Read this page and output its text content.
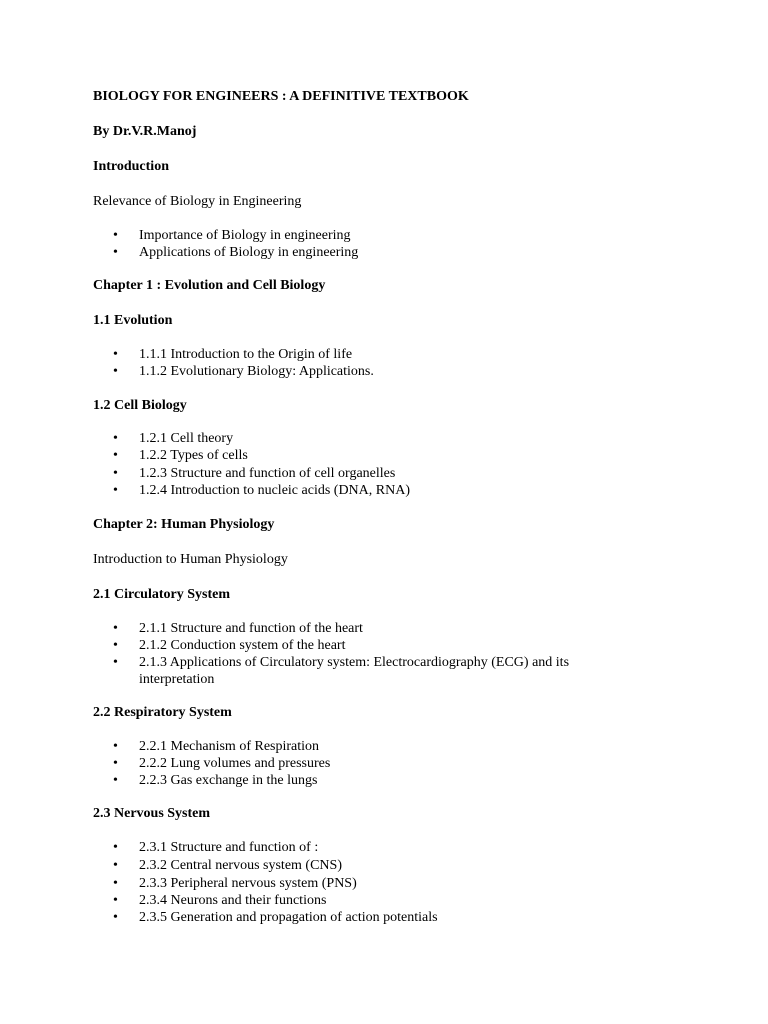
BIOLOGY FOR ENGINEERS : A DEFINITIVE TEXTBOOK
By Dr.V.R.Manoj
Introduction
Relevance of Biology in Engineering
• Importance of Biology in engineering
• Applications of Biology in engineering
Chapter 1 : Evolution and Cell Biology
1.1 Evolution
• 1.1.1 Introduction to the Origin of life
• 1.1.2 Evolutionary Biology: Applications.
1.2 Cell Biology
• 1.2.1 Cell theory
• 1.2.2 Types of cells
• 1.2.3 Structure and function of cell organelles
• 1.2.4 Introduction to nucleic acids (DNA, RNA)
Chapter 2: Human Physiology
Introduction to Human Physiology
2.1 Circulatory System
• 2.1.1 Structure and function of the heart
• 2.1.2 Conduction system of the heart
• 2.1.3 Applications of Circulatory system: Electrocardiography (ECG) and its
interpretation
2.2 Respiratory System
• 2.2.1 Mechanism of Respiration
• 2.2.2 Lung volumes and pressures
• 2.2.3 Gas exchange in the lungs
2.3 Nervous System
• 2.3.1 Structure and function of :
• 2.3.2 Central nervous system (CNS)
• 2.3.3 Peripheral nervous system (PNS)
• 2.3.4 Neurons and their functions
• 2.3.5 Generation and propagation of action potentials
